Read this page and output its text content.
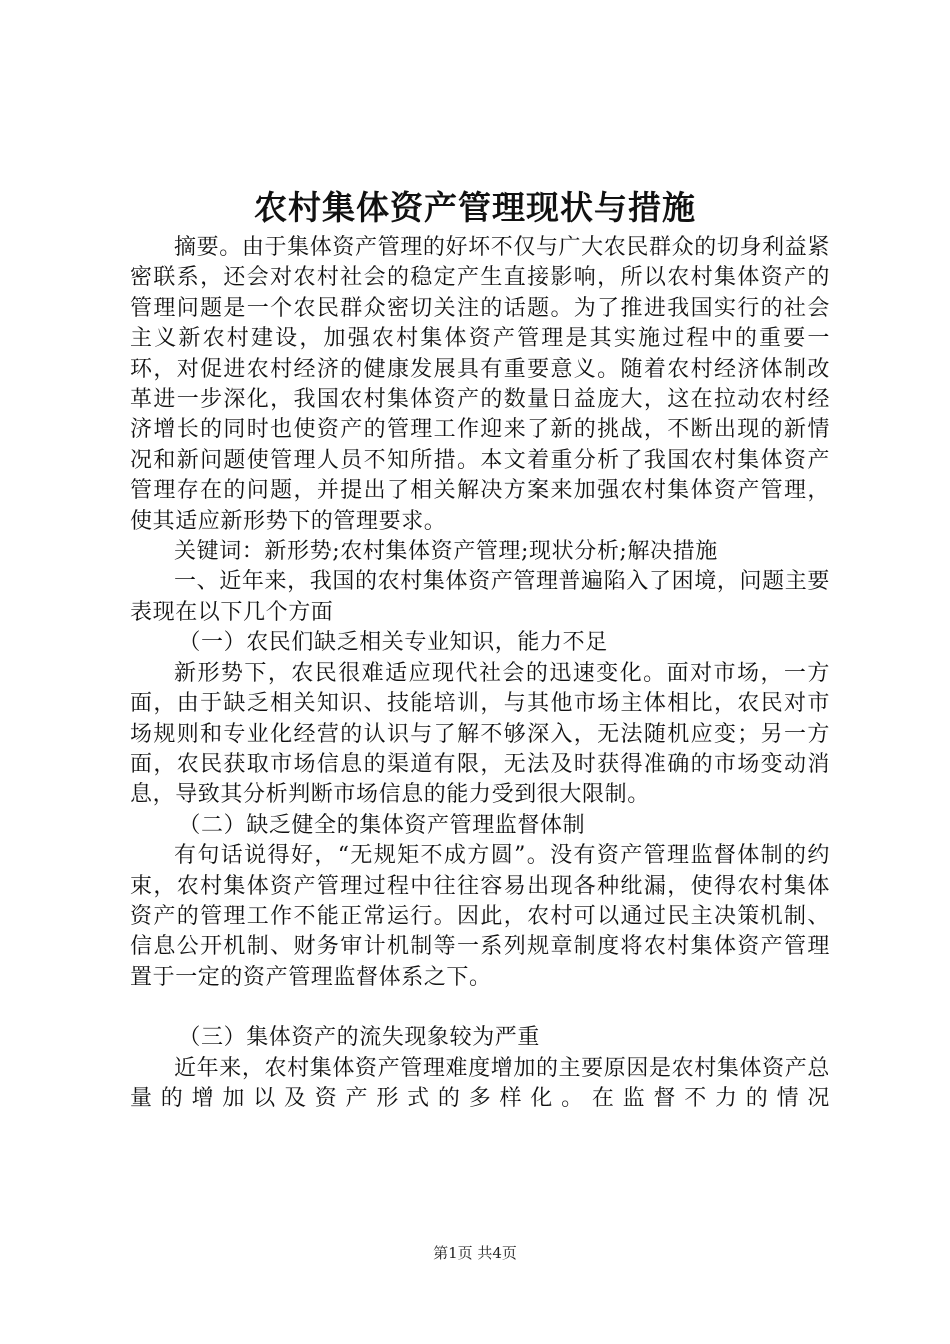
农村集体资产管理现状与措施

摘要。由于集体资产管理的好坏不仅与广大农民群众的切身利益紧密联系，还会对农村社会的稳定产生直接影响，所以农村集体资产的管理问题是一个农民群众密切关注的话题。为了推进我国实行的社会主义新农村建设，加强农村集体资产管理是其实施过程中的重要一环，对促进农村经济的健康发展具有重要意义。随着农村经济体制改革进一步深化，我国农村集体资产的数量日益庞大，这在拉动农村经济增长的同时也使资产的管理工作迎来了新的挑战，不断出现的新情况和新问题使管理人员不知所措。本文着重分析了我国农村集体资产管理存在的问题，并提出了相关解决方案来加强农村集体资产管理，使其适应新形势下的管理要求。

关键词：新形势;农村集体资产管理;现状分析;解决措施

一、近年来，我国的农村集体资产管理普遍陷入了困境，问题主要表现在以下几个方面

（一）农民们缺乏相关专业知识，能力不足

新形势下，农民很难适应现代社会的迅速变化。面对市场，一方面，由于缺乏相关知识、技能培训，与其他市场主体相比，农民对市场规则和专业化经营的认识与了解不够深入，无法随机应变；另一方面，农民获取市场信息的渠道有限，无法及时获得准确的市场变动消息，导致其分析判断市场信息的能力受到很大限制。

（二）缺乏健全的集体资产管理监督体制

有句话说得好，“无规矩不成方圆”。没有资产管理监督体制的约束，农村集体资产管理过程中往往容易出现各种纰漏，使得农村集体资产的管理工作不能正常运行。因此，农村可以通过民主决策机制、信息公开机制、财务审计机制等一系列规章制度将农村集体资产管理置于一定的资产管理监督体系之下。

（三）集体资产的流失现象较为严重

近年来，农村集体资产管理难度增加的主要原因是农村集体资产总量的增加以及资产形式的多样化。在监督不力的情况

第1页 共4页
